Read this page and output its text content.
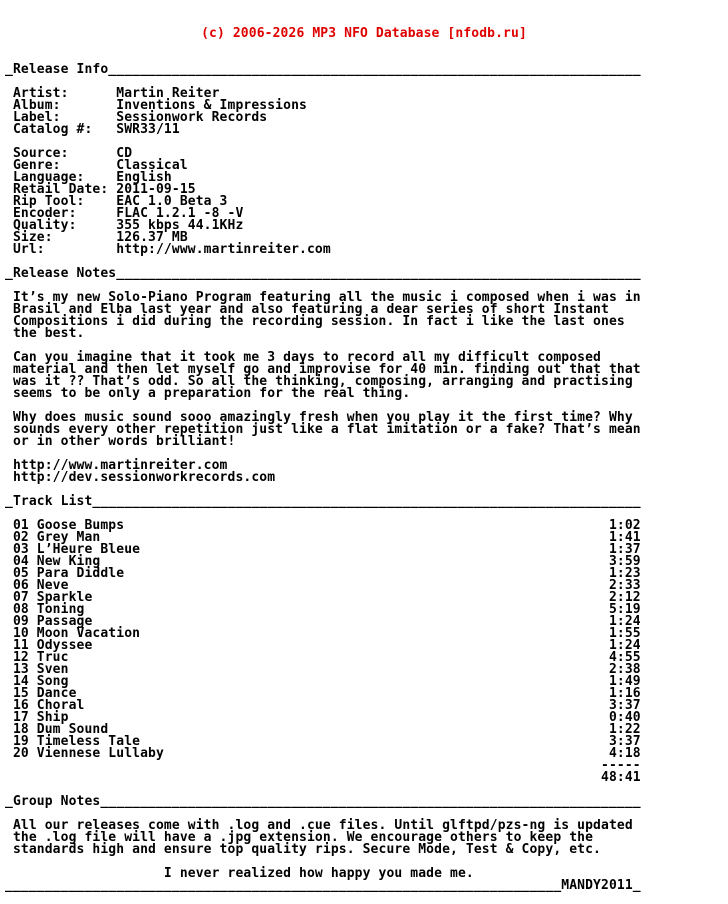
(c) 2006-2026 MP3 NFO Database [nfodb.ru]

_Release Info___________________________________________________________________

Artist:      Martin Reiter
Album:       Inventions & Impressions
Label:       Sessionwork Records
Catalog #:   SWR33/11

Source:      CD
Genre:       Classical
Language:    English
Retail Date: 2011-09-15
Rip Tool:    EAC 1.0 Beta 3
Encoder:     FLAC 1.2.1 -8 -V
Quality:     355 kbps 44.1KHz
Size:        126.37 MB
Url:         http://www.martinreiter.com

_Release Notes__________________________________________________________________

It’s my new Solo-Piano Program featuring all the music i composed when i was in
Brasil and Elba last year and also featuring a dear series of short Instant
Compositions i did during the recording session. In fact i like the last ones
the best.

Can you imagine that it took me 3 days to record all my difficult composed
material and then let myself go and improvise for 40 min. finding out that that
was it ?? That’s odd. So all the thinking, composing, arranging and practising
seems to be only a preparation for the real thing.

Why does music sound sooo amazingly fresh when you play it the first time? Why
sounds every other repetition just like a flat imitation or a fake? That’s mean
or in other words brilliant!

http://www.martinreiter.com
http://dev.sessionworkrecords.com

_Track List_____________________________________________________________________

01 Goose Bumps                                                             1:02
02 Grey Man                                                                1:41
03 L’Heure Bleue                                                           1:37
04 New King                                                                3:59
05 Para Diddle                                                             1:23
06 Neve                                                                    2:33
07 Sparkle                                                                 2:12
08 Toning                                                                  5:19
09 Passage                                                                 1:24
10 Moon Vacation                                                           1:55
11 Odyssee                                                                 1:24
12 Truc                                                                    4:55
13 Sven                                                                    2:38
14 Song                                                                    1:49
15 Dance                                                                   1:16
16 Choral                                                                  3:37
17 Ship                                                                    0:40
18 Dum Sound                                                               1:22
19 Timeless Tale                                                           3:37
20 Viennese Lullaby                                                        4:18
-----
48:41

_Group Notes____________________________________________________________________

All our releases come with .log and .cue files. Until glftpd/pzs-ng is updated
the .log file will have a .jpg extension. We encourage others to keep the
standards high and ensure top quality rips. Secure Mode, Test & Copy, etc.

I never realized how happy you made me.
______________________________________________________________________MANDY2011_
